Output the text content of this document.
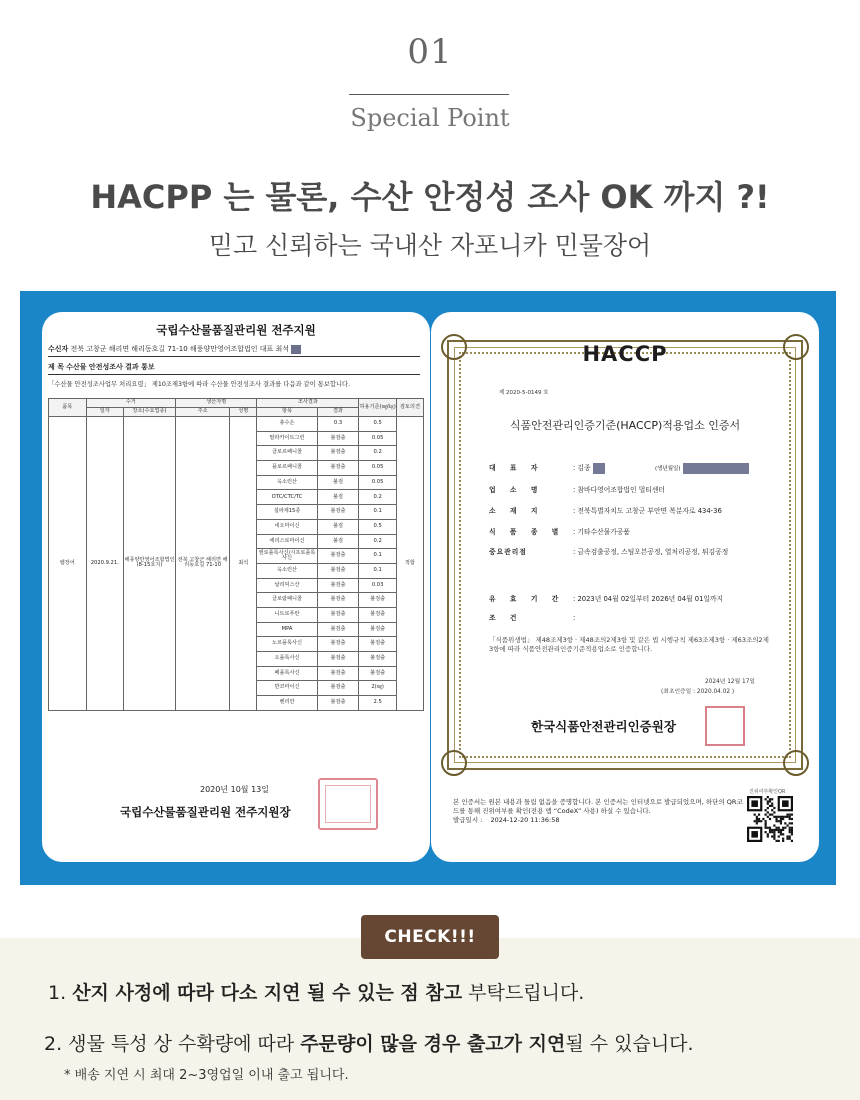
01
Special Point
HACPP 는 물론, 수산 안정성 조사 OK 까지 ?!
믿고 신뢰하는 국내산 자포니카 민물장어
국립수산물품질관리원 전주지원
수신자 전북 고창군 해리면 해리동호길 71-10 해풍양만영어조합법인 대표 최석
제 목 수산물 안전성조사 결과 통보
「수산물 안전성조사업무 처리요령」 제10조제3항에 따라 수산물 안전성조사 결과를 다음과 같이 통보합니다.
품목	수거		생산자명		조사결과		허용기준(㎎/㎏)	검토의견
	일자	장소(수요업종)	주소	성명	항목	결과		
뱀장어	2020.9.21.	해풍양만영어조합법인(8-15호지)	전북 고창군 해리면 해리동호길 71-10	최석	총수은	0.3	0.5	적합
					말라카이트그린	불검출	0.05	
					클로르페니콜	불검출	0.2	
					플로르페니콜	불검출	0.05	
					옥소린산	불검	0.05	
					OTC/CTC/TC	불검	0.2	
					설파제15종	불검출	0.1	
					네오마이신	불검	0.5	
					에리스로마이신	불검	0.2	
					엔로플록사신/시프로플록사신	불검출	0.1	
					옥소린산	불검출	0.1	
					날리딕스산	불검출	0.03	
					클로람페니콜	불검출	불검출	
					니트로푸란	불검출	불검출	
					MPA	불검출	불검출	
					노르플록사신	불검출	불검출	
					오플록사신	불검출	불검출	
					페플록사신	불검출	불검출	
					반코마이신	불검출	2(㎎)	
					벤리만	불검출	2.5	
2020년 10월 13일
국립수산물품질관리원 전주지원장
HACCP
제 2020-5-0149 호
식품안전관리인증기준(HACCP)적용업소 인증서
대 표 자	: 김종	(생년월일)
업 소 명	: 참바다영어조합법인 멀티센터
소 재 지	: 전북특별자치도 고창군 부안면 복분자로 434-36
식 품 종 별 : 기타수산물가공품
중요관리점	: 금속검출공정, 스팀오븐공정, 열처리공정, 튀김공정
유 효 기 간 : 2023년 04월 02일부터 2026년 04월 01일까지
조 건	:
「식품위생법」 제48조제3항 · 제48조의2제3항 및 같은 법 시행규칙 제63조제3항 · 제63조의2제3항에 따라 식품안전관리인증기준적용업소로 인증합니다.
2024년 12월 17일
(최초인증일 : 2020.04.02 )
한국식품안전관리인증원장
본 인증서는 원본 내용과 틀림 없음을 증명합니다. 본 인증서는 인터넷으로 발급되었으며, 하단의 QR코드를 통해 진위여부를 확인(전용 앱 “CodeX” 사용) 하실 수 있습니다.
발급일시 : 2024-12-20 11:36:58
진위여부확인QR
CHECK!!!
1. 산지 사정에 따라 다소 지연 될 수 있는 점 참고 부탁드립니다.
2. 생물 특성 상 수확량에 따라 주문량이 많을 경우 출고가 지연될 수 있습니다.
* 배송 지연 시 최대 2~3영업일 이내 출고 됩니다.
